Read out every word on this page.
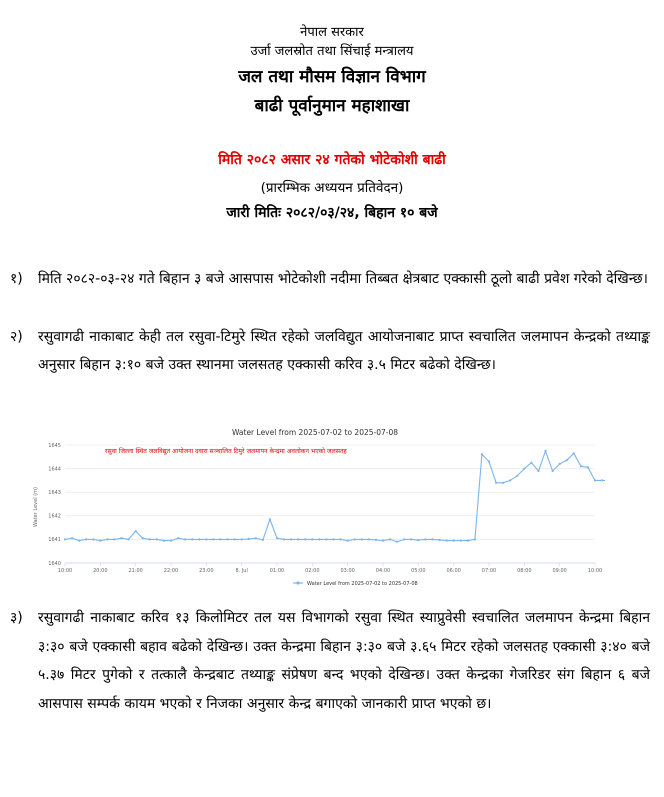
नेपाल सरकार
उर्जा जलस्रोत तथा सिंचाई मन्त्रालय
जल तथा मौसम विज्ञान विभाग
बाढी पूर्वानुमान महाशाखा
मिति २०८२ असार २४ गतेको भोटेकोशी बाढी
(प्रारम्भिक अध्ययन प्रतिवेदन)
जारी मितिः २०८२/०३/२४, बिहान १० बजे
१)	मिति २०८२-०३-२४ गते बिहान ३ बजे आसपास भोटेकोशी नदीमा तिब्बत क्षेत्रबाट एक्कासी ठूलो बाढी प्रवेश गरेको देखिन्छ।
२)	रसुवागढी नाकाबाट केही तल रसुवा-टिमुरे स्थित रहेको जलविद्युत आयोजनाबाट प्राप्त स्वचालित जलमापन केन्द्रको तथ्याङ्क अनुसार बिहान ३:१० बजे उक्त स्थानमा जलसतह एक्कासी करिव ३.५ मिटर बढेको देखिन्छ।
Water Level from 2025-07-02 to 2025-07-08
1640
1641
1642
1643
1644
1645
10:00	20:00	21:00	22:00	23:00	8. Jul	01:00	02:00	03:00	04:00	05:00	06:00	07:00	08:00	09:00	10:00
Water Level (m)
रसुवा जिल्ला स्थित जलविद्युत आयोजना दवारा सञ्चालित टिमुरे जलमापन केन्द्रमा अवलोकन भएको जलसतह
Water Level from 2025-07-02 to 2025-07-08
३)	रसुवागढी नाकाबाट करिव १३ किलोमिटर तल यस विभागको रसुवा स्थित स्याप्रुवेसी स्वचालित जलमापन केन्द्रमा बिहान ३:३० बजे एक्कासी बहाव बढेको देखिन्छ। उक्त केन्द्रमा बिहान ३:३० बजे ३.६५ मिटर रहेको जलसतह एक्कासी ३:४० बजे ५.३७ मिटर पुगेको र तत्कालै केन्द्रबाट तथ्याङ्क संप्रेषण बन्द भएको देखिन्छ। उक्त केन्द्रका गेजरिडर संग बिहान ६ बजे आसपास सम्पर्क कायम भएको र निजका अनुसार केन्द्र बगाएको जानकारी प्राप्त भएको छ।
